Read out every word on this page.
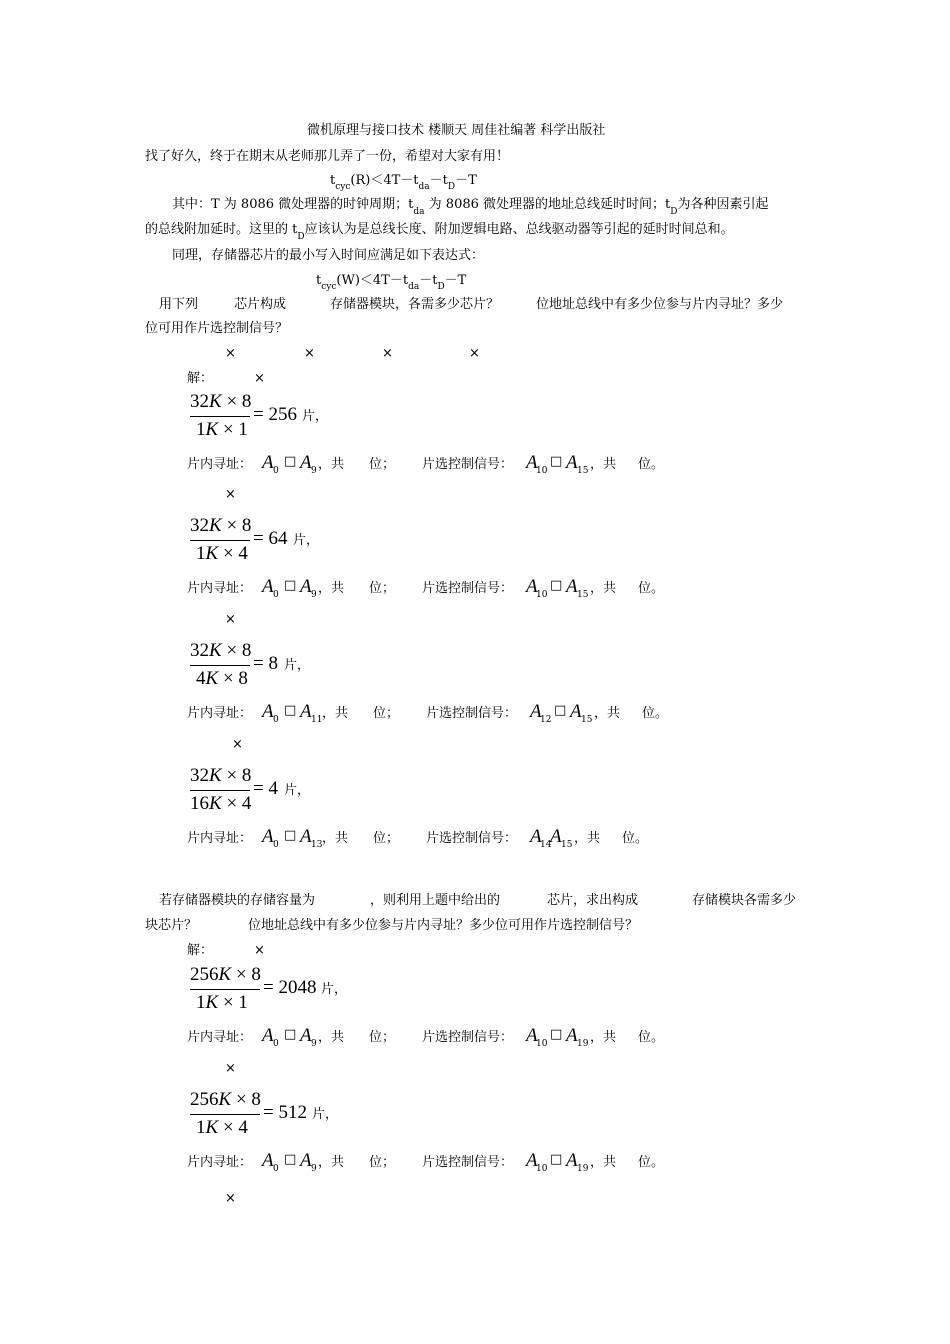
微机原理与接口技术 楼顺天 周佳社编著 科学出版社
找了好久，终于在期末从老师那儿弄了一份，希望对大家有用！
$t_{cyc}(R)<4T-t_{da}-t_D-T$
其中：T 为 8086 微处理器的时钟周期；$t_{da}$ 为 8086 微处理器的地址总线延时时间；$t_D$为各种因素引起
的总线附加延时。这里的 $t_D$应该认为是总线长度、附加逻辑电路、总线驱动器等引起的延时时间总和。
同理，存储器芯片的最小写入时间应满足如下表达式：
$t_{cyc}(W)<4T-t_{da}-t_D-T$
用下列	芯片构成	存储器模块，各需多少芯片？	位地址总线中有多少位参与片内寻址？多少
位可用作片选控制信号？
×	×	×	×
解：	×
32K × 8
1K × 1
= 256 片 ，
片内寻址： A 0
□ A 9 ，共 位； 片选控制信号： A
10
□ A 15 ，共 位。
×
32K × 8
1K × 4
= 64 片 ，
片内寻址： A 0
□ A 9 ，共 位； 片选控制信号： A
10
□ A 15 ，共 位。
×
32K × 8
4K × 8
= 8 片 ，
片内寻址： A 0
□ A 11 ，共 位； 片选控制信号： A
12
□ A 15 ，共 位。
×
32K × 8
16K × 4
= 4 片 ，
片内寻址： A 0
□ A 13 ，共 位； 片选控制信号： A
14
A 15 ，共 位。
若存储器模块的存储容量为	，则利用上题中给出的	芯片，求出构成	存储模块各需多少
块芯片？	位地址总线中有多少位参与片内寻址？多少位可用作片选控制信号？
解：	×
256K × 8
1K × 1
= 2048 片 ，
片内寻址： A 0
□ A 9 ，共 位； 片选控制信号： A
10
□ A 19 ，共 位。
×
256K × 8
1K × 4
= 512 片 ，
片内寻址： A 0
□ A 9 ，共 位； 片选控制信号： A
10
□ A 19 ，共 位。
×
